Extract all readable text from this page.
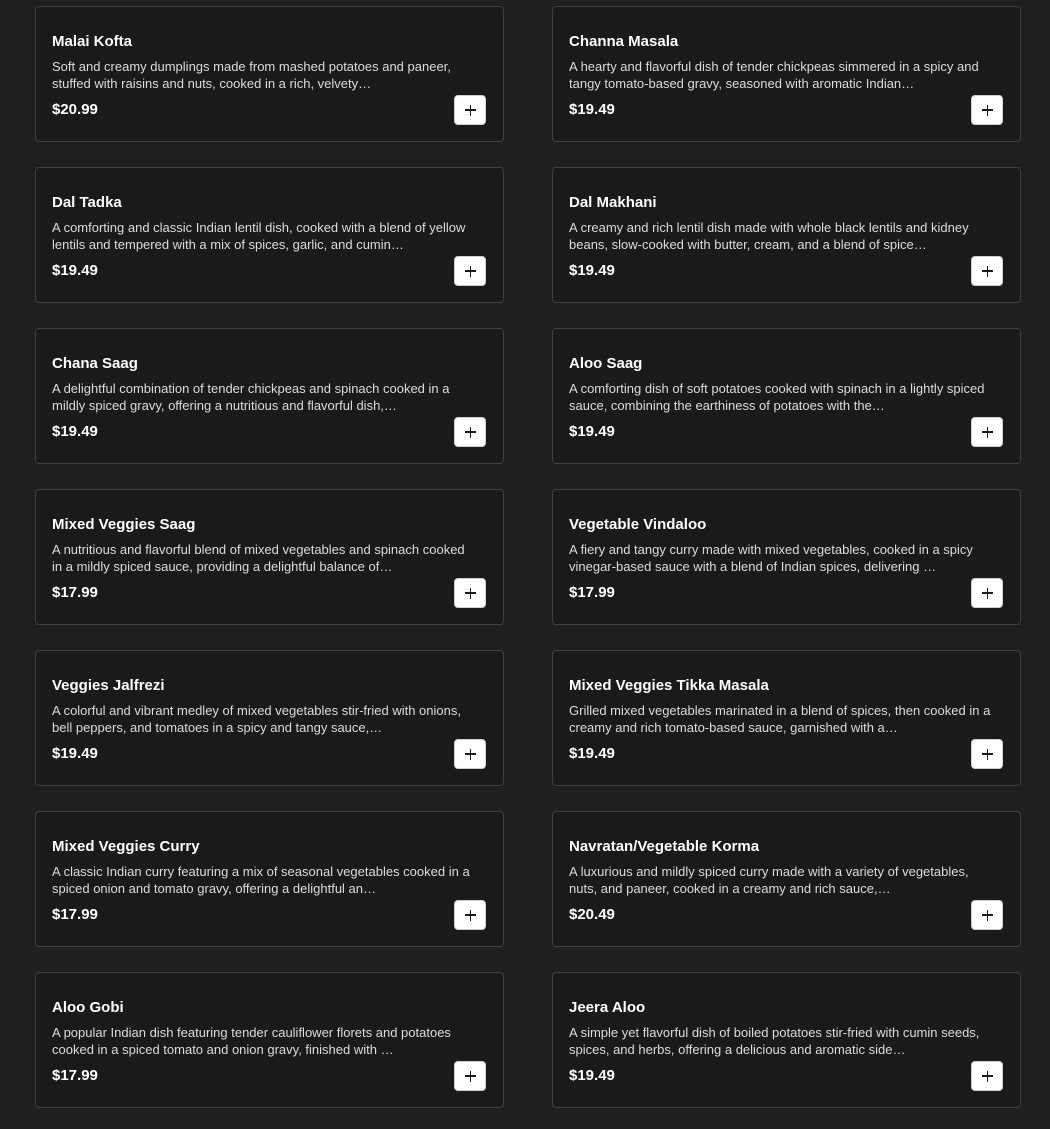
Malai Kofta
Soft and creamy dumplings made from mashed potatoes and paneer, stuffed with raisins and nuts, cooked in a rich, velvety…
$20.99
Channa Masala
A hearty and flavorful dish of tender chickpeas simmered in a spicy and tangy tomato-based gravy, seasoned with aromatic Indian…
$19.49
Dal Tadka
A comforting and classic Indian lentil dish, cooked with a blend of yellow lentils and tempered with a mix of spices, garlic, and cumin…
$19.49
Dal Makhani
A creamy and rich lentil dish made with whole black lentils and kidney beans, slow-cooked with butter, cream, and a blend of spice…
$19.49
Chana Saag
A delightful combination of tender chickpeas and spinach cooked in a mildly spiced gravy, offering a nutritious and flavorful dish,…
$19.49
Aloo Saag
A comforting dish of soft potatoes cooked with spinach in a lightly spiced sauce, combining the earthiness of potatoes with the…
$19.49
Mixed Veggies Saag
A nutritious and flavorful blend of mixed vegetables and spinach cooked in a mildly spiced sauce, providing a delightful balance of…
$17.99
Vegetable Vindaloo
A fiery and tangy curry made with mixed vegetables, cooked in a spicy vinegar-based sauce with a blend of Indian spices, delivering …
$17.99
Veggies Jalfrezi
A colorful and vibrant medley of mixed vegetables stir-fried with onions, bell peppers, and tomatoes in a spicy and tangy sauce,…
$19.49
Mixed Veggies Tikka Masala
Grilled mixed vegetables marinated in a blend of spices, then cooked in a creamy and rich tomato-based sauce, garnished with a…
$19.49
Mixed Veggies Curry
A classic Indian curry featuring a mix of seasonal vegetables cooked in a spiced onion and tomato gravy, offering a delightful an…
$17.99
Navratan/Vegetable Korma
A luxurious and mildly spiced curry made with a variety of vegetables, nuts, and paneer, cooked in a creamy and rich sauce,…
$20.49
Aloo Gobi
A popular Indian dish featuring tender cauliflower florets and potatoes cooked in a spiced tomato and onion gravy, finished with …
$17.99
Jeera Aloo
A simple yet flavorful dish of boiled potatoes stir-fried with cumin seeds, spices, and herbs, offering a delicious and aromatic side…
$19.49
